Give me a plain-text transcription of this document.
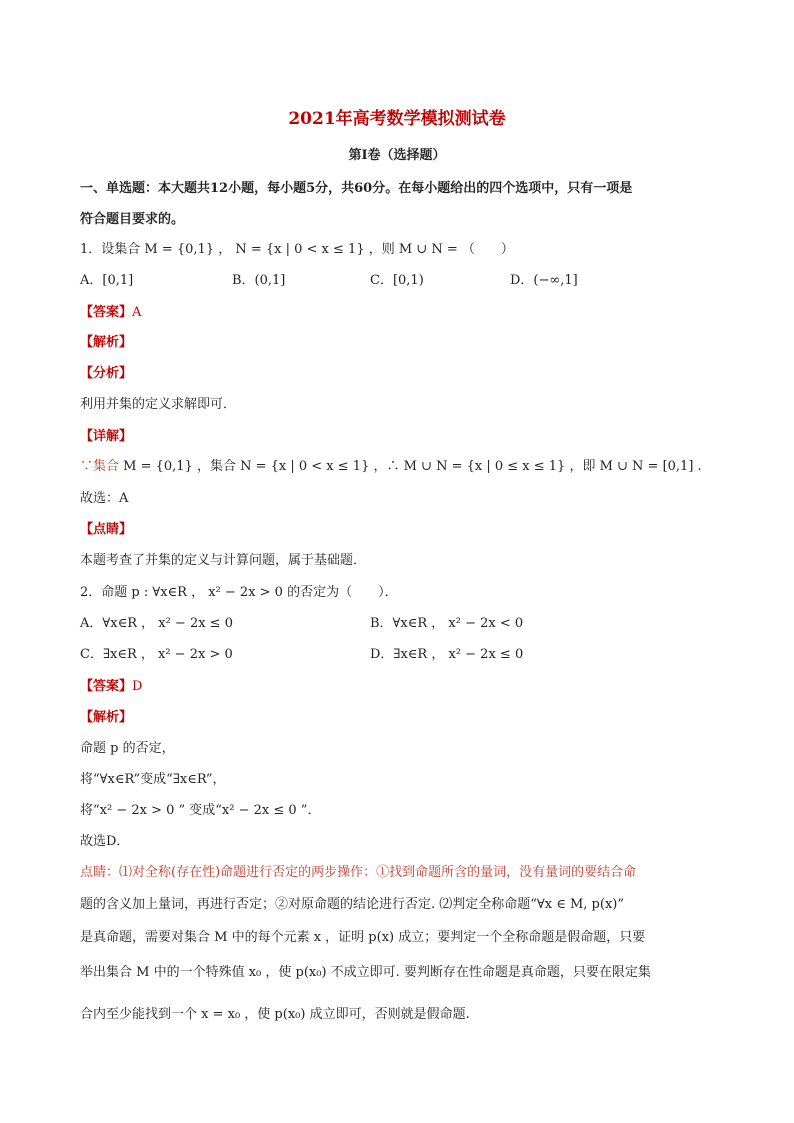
2021年高考数学模拟测试卷
第Ⅰ卷（选择题）
一、单选题：本大题共12小题，每小题5分，共60分。在每小题给出的四个选项中，只有一项是
符合题目要求的。
1．设集合 M = {0,1} ， N = {x | 0 < x ≤ 1} ，则 M ∪ N = （　　）
A．[0,1]	B．(0,1]	C．[0,1)	D．(−∞,1]
【答案】A
【解析】
【分析】
利用并集的定义求解即可．
【详解】
∵集合 M = {0,1} ，集合 N = {x | 0 < x ≤ 1} ，∴ M ∪ N = {x | 0 ≤ x ≤ 1} ，即 M ∪ N = [0,1] .
故选：A
【点睛】
本题考查了并集的定义与计算问题，属于基础题．
2．命题 p : ∀x∈R ， x² − 2x > 0 的否定为（　　）．
A．∀x∈R ， x² − 2x ≤ 0	B．∀x∈R ， x² − 2x < 0
C．∃x∈R ， x² − 2x > 0	D．∃x∈R ， x² − 2x ≤ 0
【答案】D
【解析】
命题 p 的否定，
将“∀x∈R”变成“∃x∈R”，
将“x² − 2x > 0 ” 变成“x² − 2x ≤ 0 ”．
故选D．
点睛：⑴对全称(存在性)命题进行否定的两步操作：①找到命题所含的量词，没有量词的要结合命
题的含义加上量词，再进行否定；②对原命题的结论进行否定. ⑵判定全称命题“∀x ∈ M, p(x)”
是真命题，需要对集合 M 中的每个元素 x ，证明 p(x) 成立；要判定一个全称命题是假命题，只要
举出集合 M 中的一个特殊值 x₀ ，使 p(x₀) 不成立即可. 要判断存在性命题是真命题，只要在限定集
合内至少能找到一个 x = x₀ ，使 p(x₀) 成立即可，否则就是假命题.
